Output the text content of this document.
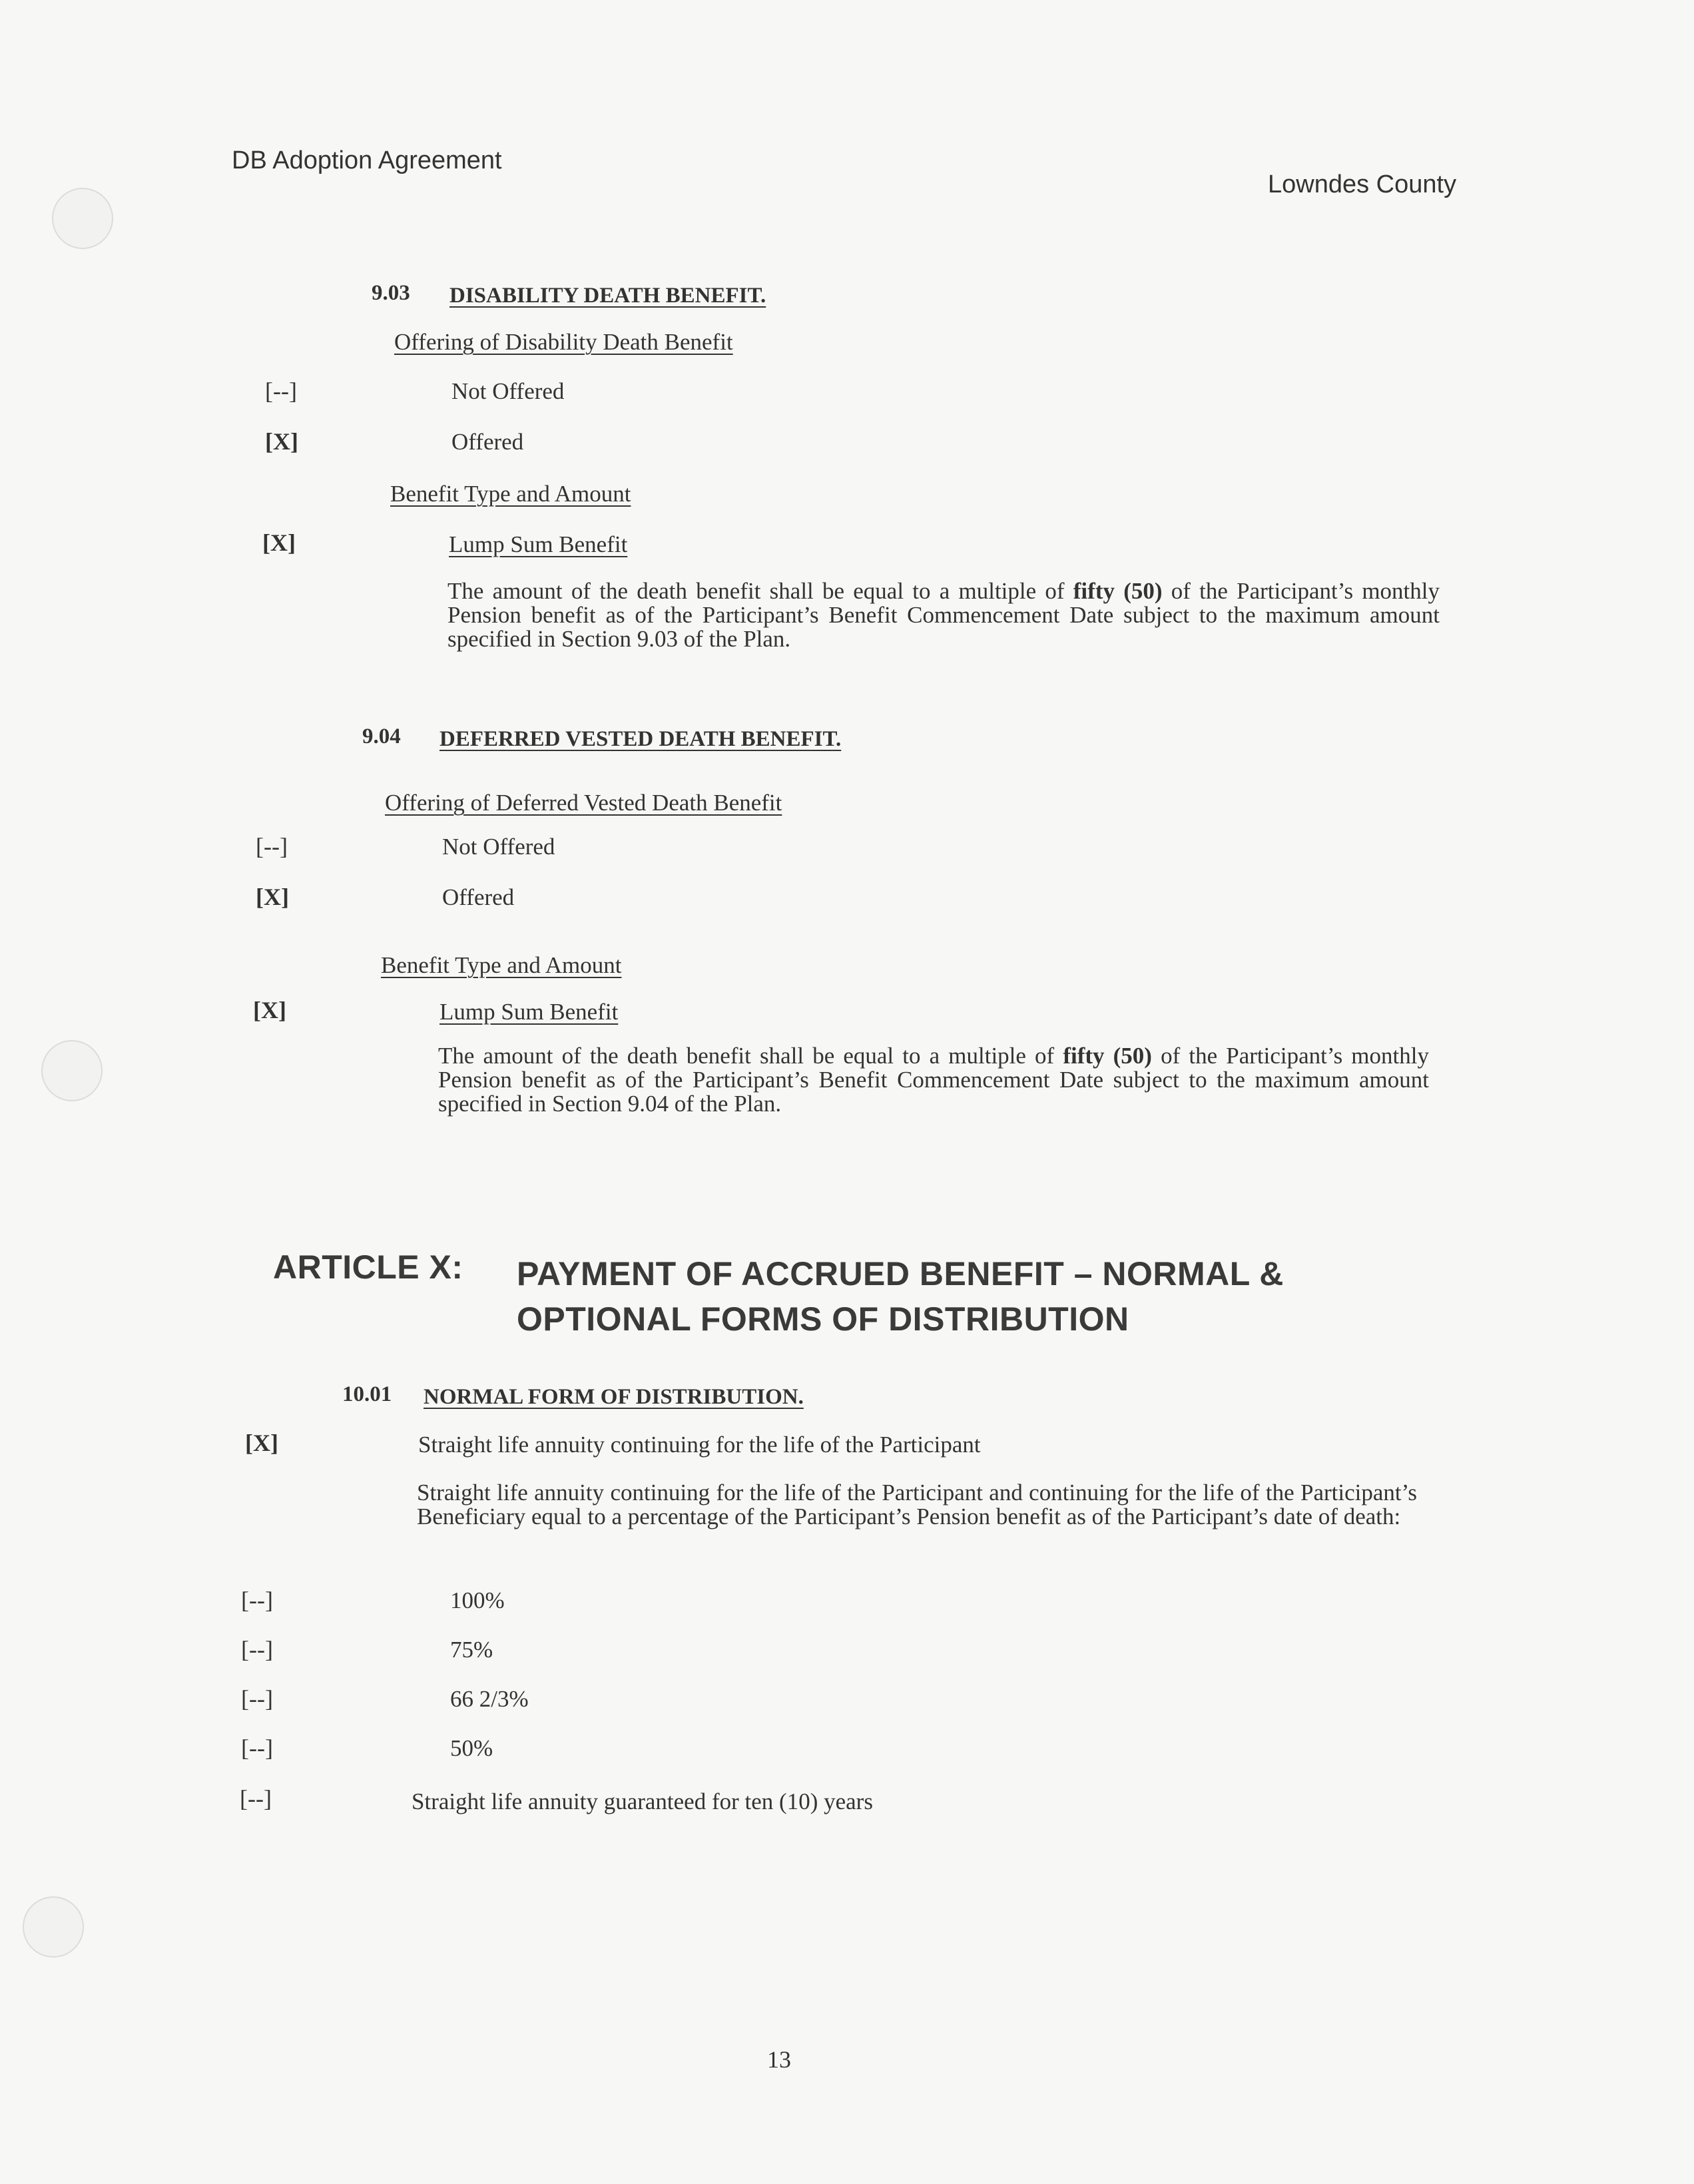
DB Adoption Agreement
Lowndes County
9.03 DISABILITY DEATH BENEFIT.
Offering of Disability Death Benefit
[--]	Not Offered
[X]	Offered
Benefit Type and Amount
[X]	Lump Sum Benefit
The amount of the death benefit shall be equal to a multiple of fifty (50) of the Participant’s monthly Pension benefit as of the Participant’s Benefit Commencement Date subject to the maximum amount specified in Section 9.03 of the Plan.
9.04 DEFERRED VESTED DEATH BENEFIT.
Offering of Deferred Vested Death Benefit
[--]	Not Offered
[X]	Offered
Benefit Type and Amount
[X]	Lump Sum Benefit
The amount of the death benefit shall be equal to a multiple of fifty (50) of the Participant’s monthly Pension benefit as of the Participant’s Benefit Commencement Date subject to the maximum amount specified in Section 9.04 of the Plan.
ARTICLE X: PAYMENT OF ACCRUED BENEFIT – NORMAL &
OPTIONAL FORMS OF DISTRIBUTION
10.01 NORMAL FORM OF DISTRIBUTION.
[X]	Straight life annuity continuing for the life of the Participant
Straight life annuity continuing for the life of the Participant and continuing for the life of the Participant’s Beneficiary equal to a percentage of the Participant’s Pension benefit as of the Participant’s date of death:
[--]	100%
[--]	75%
[--]	66 2/3%
[--]	50%
[--]	Straight life annuity guaranteed for ten (10) years
13
